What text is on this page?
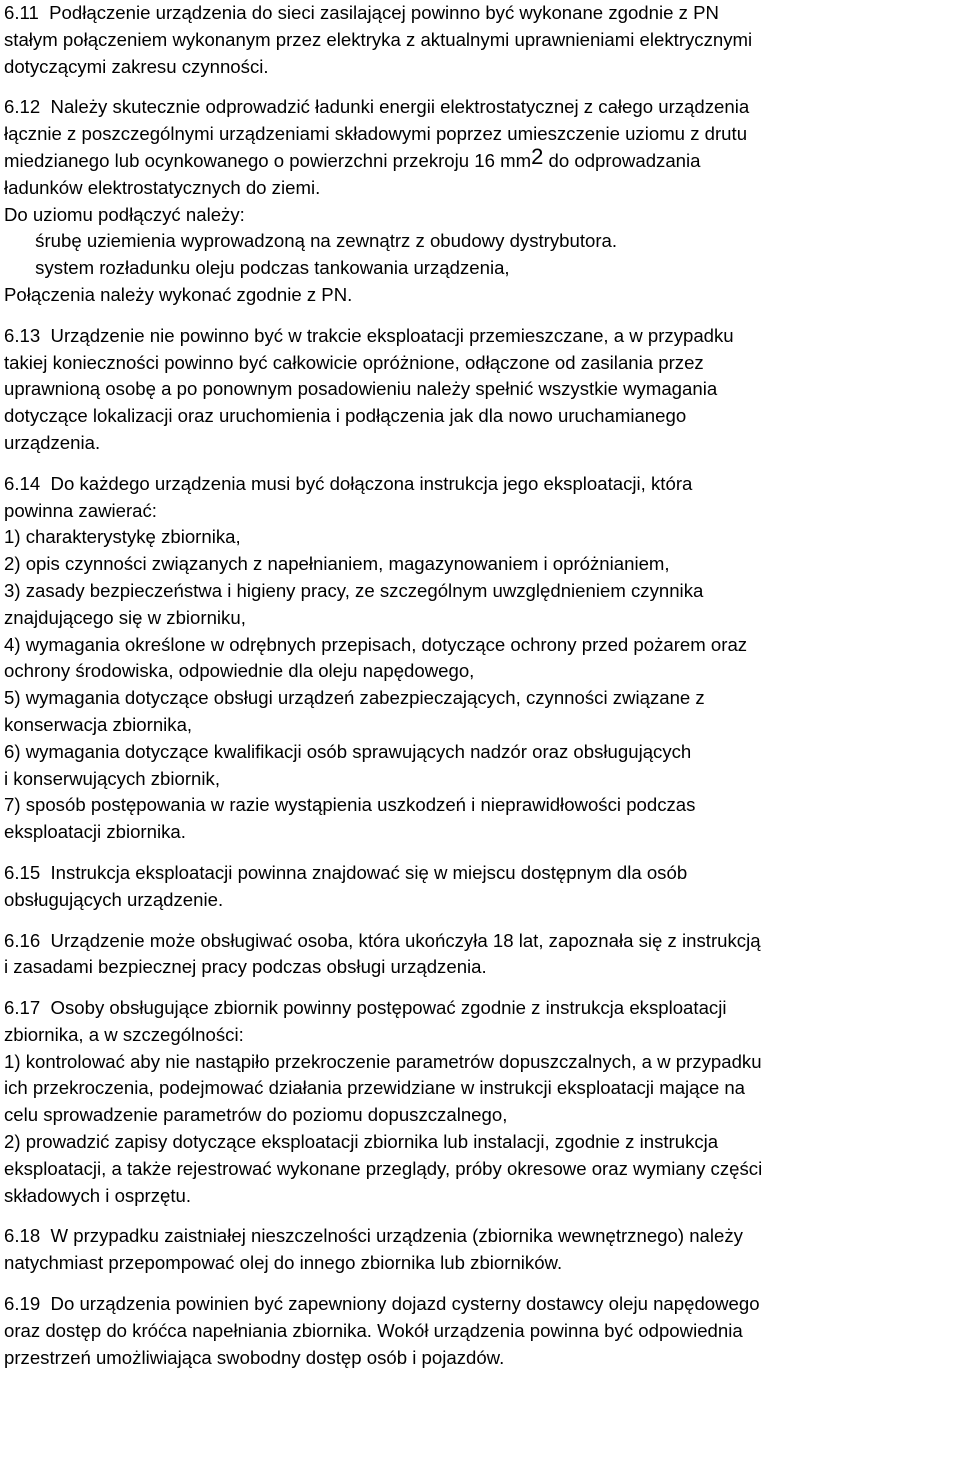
6.11  Podłączenie urządzenia do sieci zasilającej powinno być wykonane zgodnie z PN
stałym połączeniem wykonanym przez elektryka z aktualnymi uprawnieniami elektrycznymi
dotyczącymi zakresu czynności.
6.12  Należy skutecznie odprowadzić ładunki energii elektrostatycznej z całego urządzenia
łącznie z poszczególnymi urządzeniami składowymi poprzez umieszczenie uziomu z drutu
miedzianego lub ocynkowanego o powierzchni przekroju 16 mm2 do odprowadzania
ładunków elektrostatycznych do ziemi.
Do uziomu podłączyć należy:
śrubę uziemienia wyprowadzoną na zewnątrz z obudowy dystrybutora.
system rozładunku oleju podczas tankowania urządzenia,
Połączenia należy wykonać zgodnie z PN.
6.13  Urządzenie nie powinno być w trakcie eksploatacji przemieszczane, a w przypadku
takiej konieczności powinno być całkowicie opróżnione, odłączone od zasilania przez
uprawnioną osobę a po ponownym posadowieniu należy spełnić wszystkie wymagania
dotyczące lokalizacji oraz uruchomienia i podłączenia jak dla nowo uruchamianego
urządzenia.
6.14  Do każdego urządzenia musi być dołączona instrukcja jego eksploatacji, która
powinna zawierać:
1) charakterystykę zbiornika,
2) opis czynności związanych z napełnianiem, magazynowaniem i opróżnianiem,
3) zasady bezpieczeństwa i higieny pracy, ze szczególnym uwzględnieniem czynnika
znajdującego się w zbiorniku,
4) wymagania określone w odrębnych przepisach, dotyczące ochrony przed pożarem oraz
ochrony środowiska, odpowiednie dla oleju napędowego,
5) wymagania dotyczące obsługi urządzeń zabezpieczających, czynności związane z
konserwacja zbiornika,
6) wymagania dotyczące kwalifikacji osób sprawujących nadzór oraz obsługujących
i konserwujących zbiornik,
7) sposób postępowania w razie wystąpienia uszkodzeń i nieprawidłowości podczas
eksploatacji zbiornika.
6.15  Instrukcja eksploatacji powinna znajdować się w miejscu dostępnym dla osób
obsługujących urządzenie.
6.16  Urządzenie może obsługiwać osoba, która ukończyła 18 lat, zapoznała się z instrukcją
i zasadami bezpiecznej pracy podczas obsługi urządzenia.
6.17  Osoby obsługujące zbiornik powinny postępować zgodnie z instrukcja eksploatacji
zbiornika, a w szczególności:
1) kontrolować aby nie nastąpiło przekroczenie parametrów dopuszczalnych, a w przypadku
ich przekroczenia, podejmować działania przewidziane w instrukcji eksploatacji mające na
celu sprowadzenie parametrów do poziomu dopuszczalnego,
2) prowadzić zapisy dotyczące eksploatacji zbiornika lub instalacji, zgodnie z instrukcja
eksploatacji, a także rejestrować wykonane przeglądy, próby okresowe oraz wymiany części
składowych i osprzętu.
6.18  W przypadku zaistniałej nieszczelności urządzenia (zbiornika wewnętrznego) należy
natychmiast przepompować olej do innego zbiornika lub zbiorników.
6.19  Do urządzenia powinien być zapewniony dojazd cysterny dostawcy oleju napędowego
oraz dostęp do króćca napełniania zbiornika. Wokół urządzenia powinna być odpowiednia
przestrzeń umożliwiająca swobodny dostęp osób i pojazdów.
